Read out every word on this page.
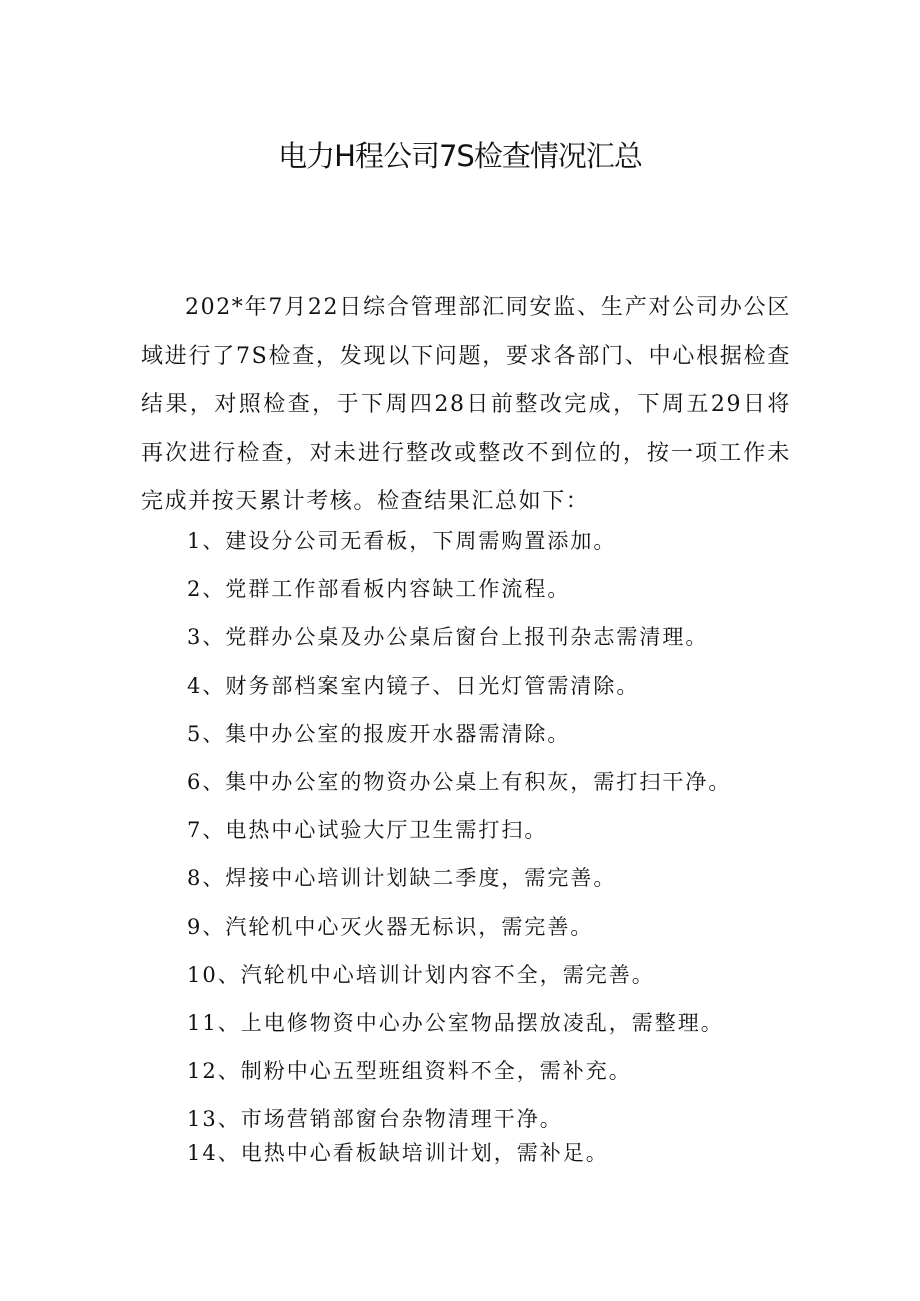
电力H程公司7S检查情况汇总

202*年7月22日综合管理部汇同安监、生产对公司办公区域进行了7S检查，发现以下问题，要求各部门、中心根据检查结果，对照检查，于下周四28日前整改完成，下周五29日将再次进行检查，对未进行整改或整改不到位的，按一项工作未完成并按天累计考核。检查结果汇总如下：

1、建设分公司无看板，下周需购置添加。
2、党群工作部看板内容缺工作流程。
3、党群办公桌及办公桌后窗台上报刊杂志需清理。
4、财务部档案室内镜子、日光灯管需清除。
5、集中办公室的报废开水器需清除。
6、集中办公室的物资办公桌上有积灰，需打扫干净。
7、电热中心试验大厅卫生需打扫。
8、焊接中心培训计划缺二季度，需完善。
9、汽轮机中心灭火器无标识，需完善。
10、汽轮机中心培训计划内容不全，需完善。
11、上电修物资中心办公室物品摆放凌乱，需整理。
12、制粉中心五型班组资料不全，需补充。
13、市场营销部窗台杂物清理干净。
14、电热中心看板缺培训计划，需补足。
